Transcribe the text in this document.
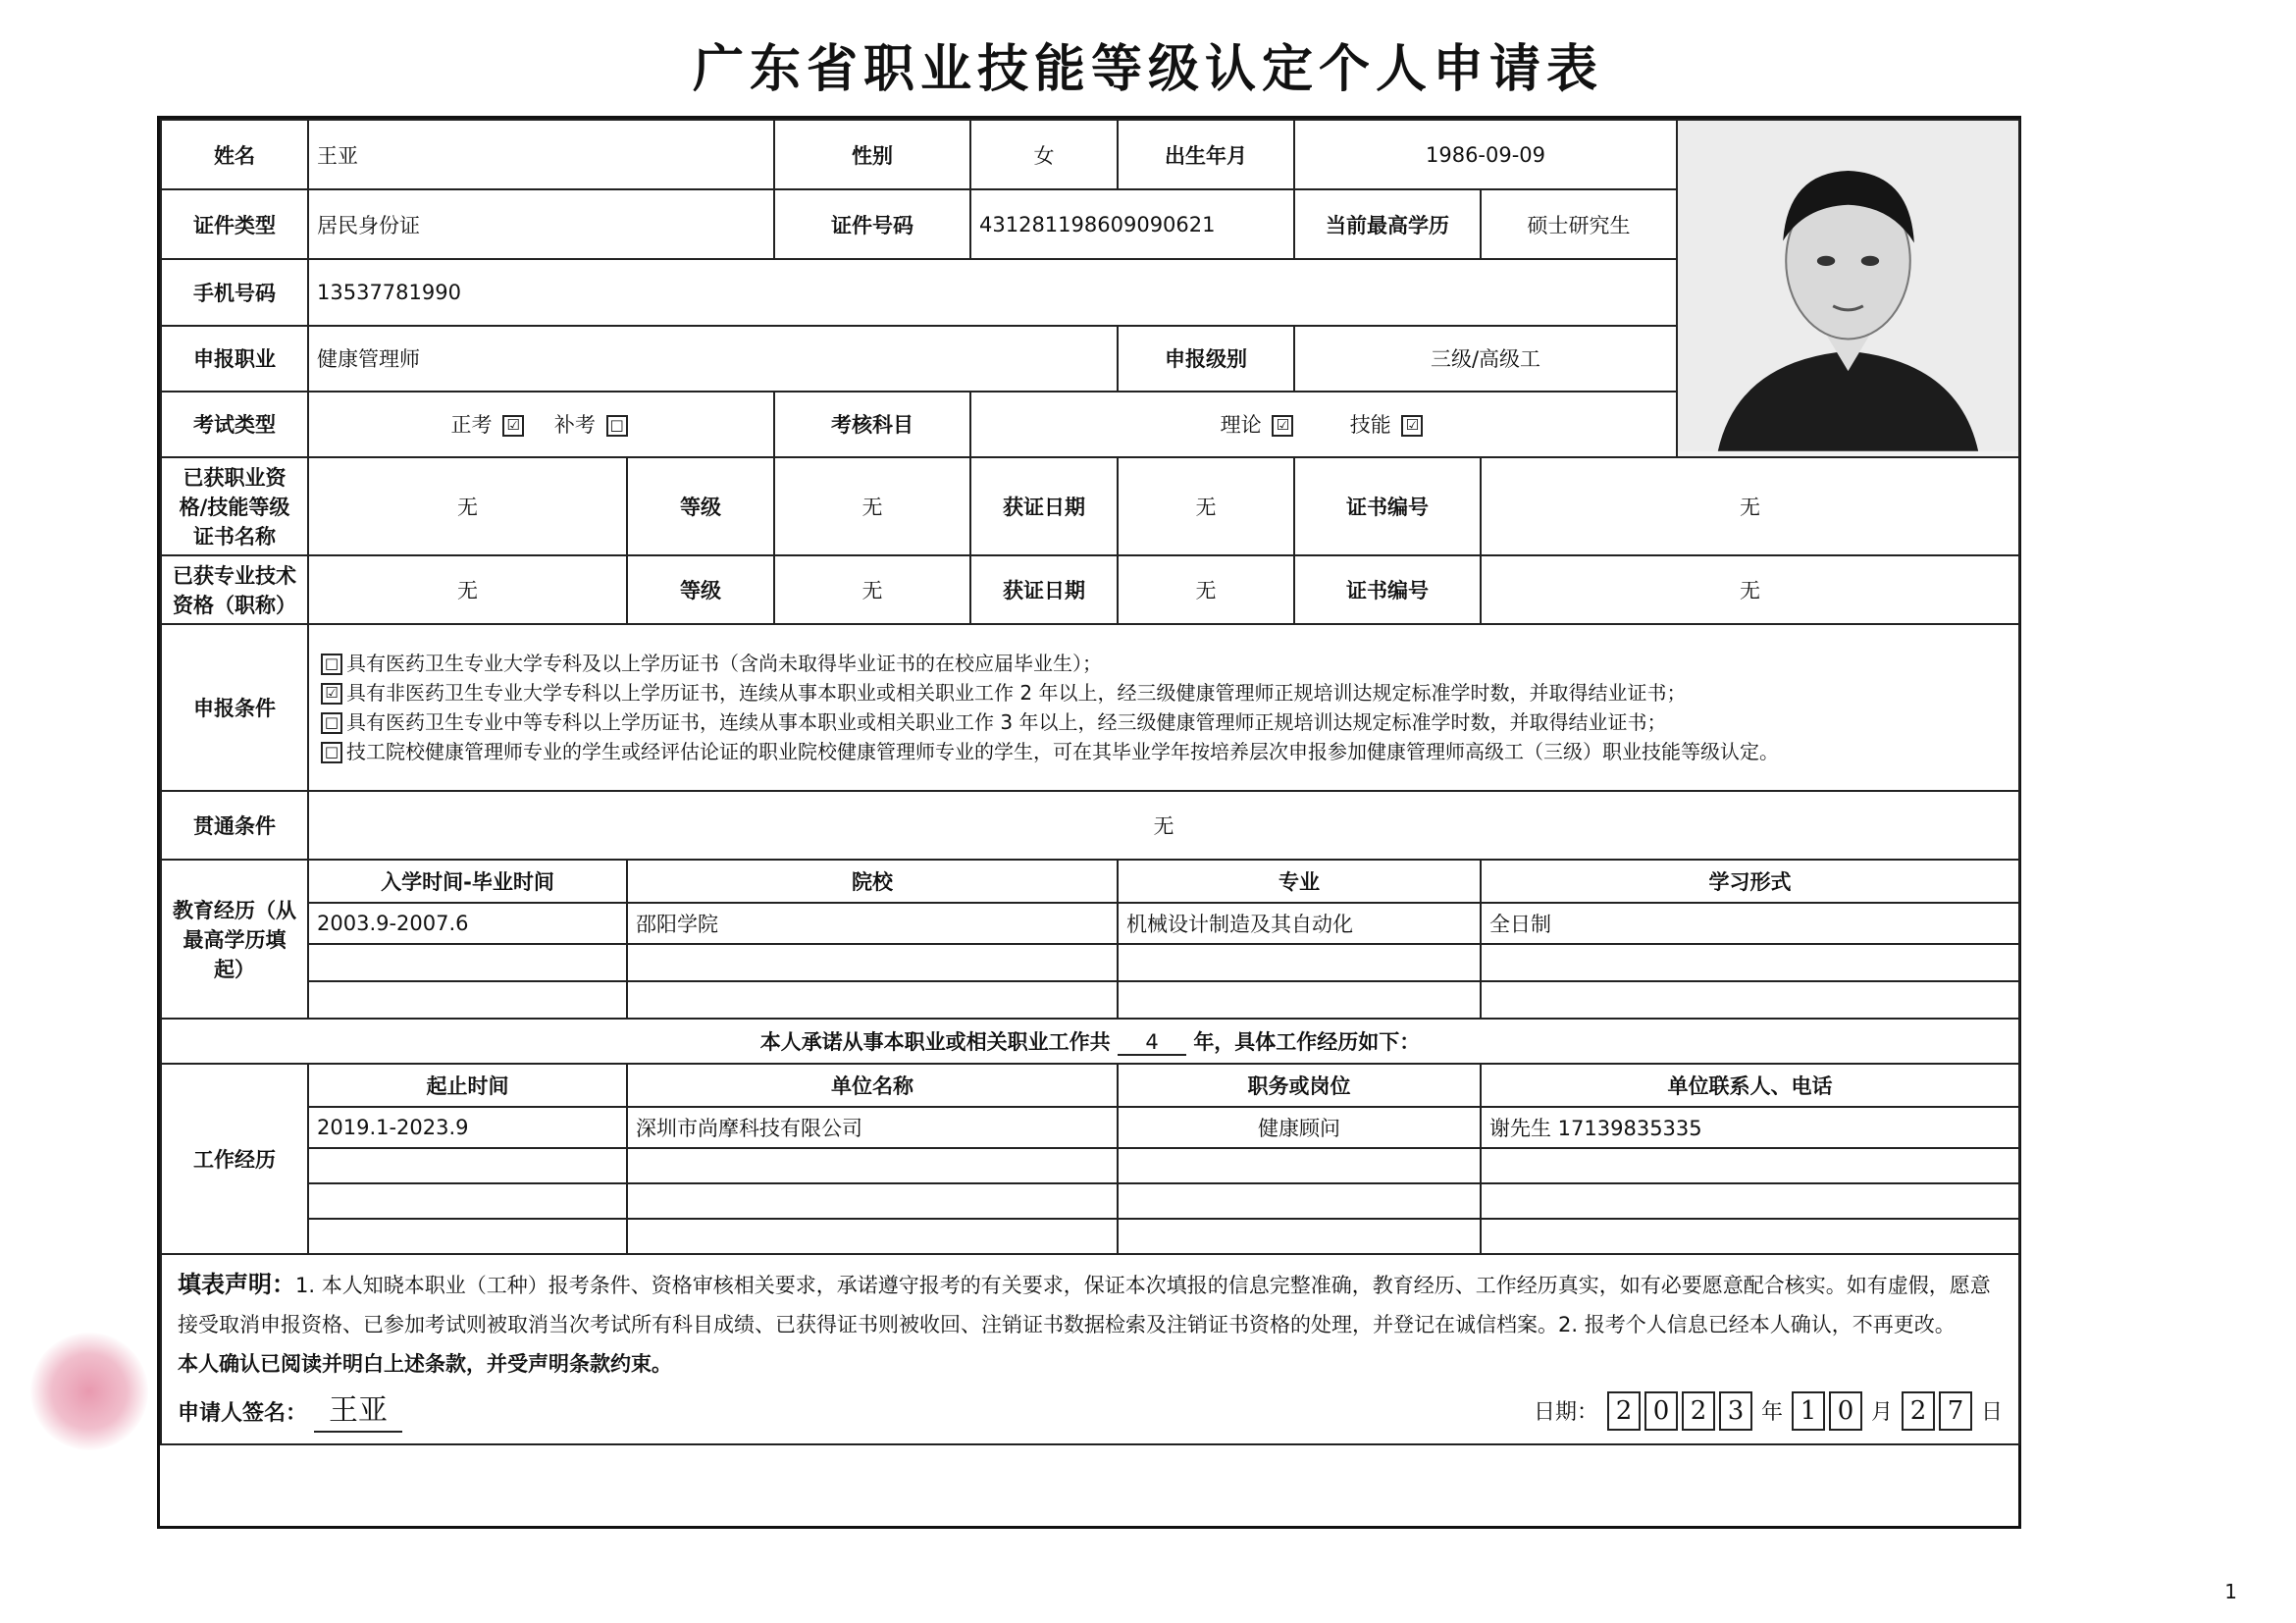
广东省职业技能等级认定个人申请表
姓名	王亚		性别	女	出生年月	1986-09-09	

证件类型	居民身份证		证件号码	431281198609090621		当前最高学历	硕士研究生	
手机号码	13537781990							
申报职业	健康管理师				申报级别	三级/高级工		
考试类型	正考 ☑ 补考 □		考核科目	理论 ☑ 技能 ☑				
已获职业资格/技能等级证书名称	无	等级	无	获证日期	无	证书编号	无	
已获专业技术资格（职称）	无	等级	无	获证日期	无	证书编号	无	
申报条件	□ 具有医药卫生专业大学专科及以上学历证书（含尚未取得毕业证书的在校应届毕业生）；
☑ 具有非医药卫生专业大学专科以上学历证书，连续从事本职业或相关职业工作 2 年以上，经三级健康管理师正规培训达规定标准学时数，并取得结业证书；
□ 具有医药卫生专业中等专科以上学历证书，连续从事本职业或相关职业工作 3 年以上，经三级健康管理师正规培训达规定标准学时数，并取得结业证书；
□ 技工院校健康管理师专业的学生或经评估论证的职业院校健康管理师专业的学生，可在其毕业学年按培养层次申报参加健康管理师高级工（三级）职业技能等级认定。							

贯通条件	无							
教育经历（从最高学历填起）	入学时间-毕业时间	院校			专业		学习形式	
	2003.9-2007.6	邵阳学院			机械设计制造及其自动化		全日制	

本人承诺从事本职业或相关职业工作共 4 年，具体工作经历如下：								
工作经历	起止时间	单位名称			职务或岗位		单位联系人、电话	
	2019.1-2023.9	深圳市尚摩科技有限公司			健康顾问		谢先生 17139835335	

填表声明：1. 本人知晓本职业（工种）报考条件、资格审核相关要求，承诺遵守报考的有关要求，保证本次填报的信息完整准确，教育经历、工作经历真实，如有必要愿意配合核实。如有虚假，愿意接受取消申报资格、已参加考试则被取消当次考试所有科目成绩、已获得证书则被收回、注销证书数据检索及注销证书资格的处理，并登记在诚信档案。2. 报考个人信息已经本人确认，不再更改。
本人确认已阅读并明白上述条款，并受声明条款约束。
申请人签名： 王亚 日期： 2 0 2 3 年 1 0 月 2 7 日								
1
